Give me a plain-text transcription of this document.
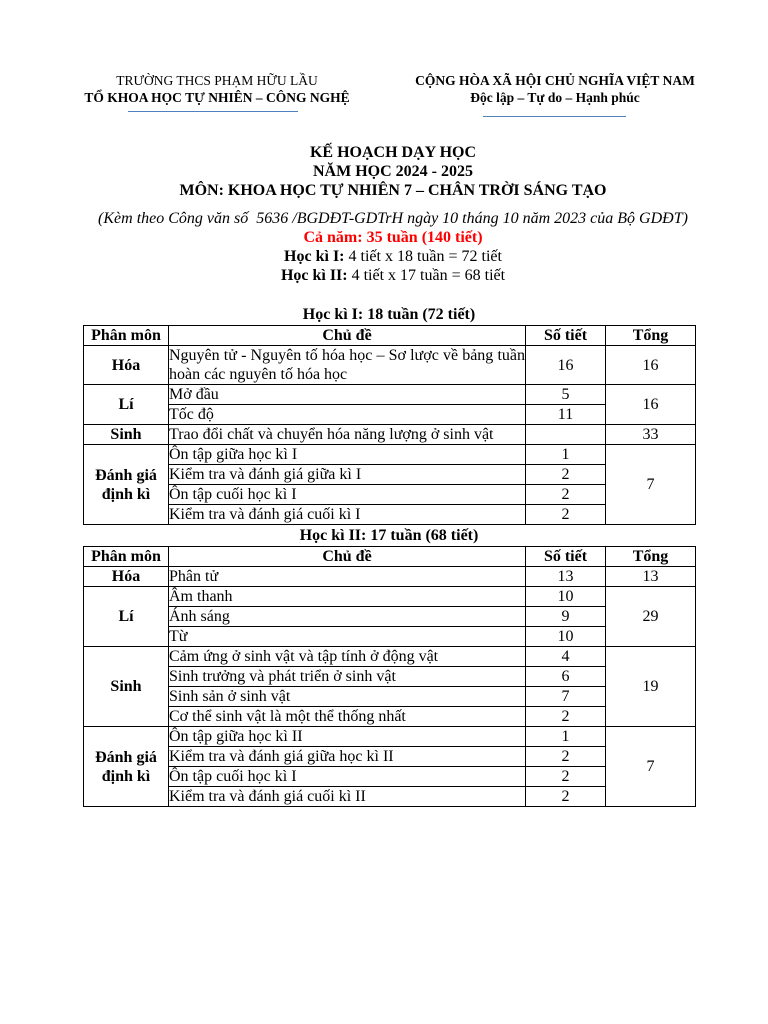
TRƯỜNG THCS PHẠM HỮU LẦU
TỔ KHOA HỌC TỰ NHIÊN – CÔNG NGHỆ
CỘNG HÒA XÃ HỘI CHỦ NGHĨA VIỆT NAM
Độc lập – Tự do – Hạnh phúc
KẾ HOẠCH DẠY HỌC
NĂM HỌC 2024 - 2025
MÔN: KHOA HỌC TỰ NHIÊN 7 – CHÂN TRỜI SÁNG TẠO
(Kèm theo Công văn số  5636 /BGDĐT-GDTrH ngày 10 tháng 10 năm 2023 của Bộ GDĐT)
Cả năm: 35 tuần (140 tiết)
Học kì I: 4 tiết x 18 tuần = 72 tiết
Học kì II: 4 tiết x 17 tuần = 68 tiết
Học kì I: 18 tuần (72 tiết)
Phân môn	Chủ đề	Số tiết	Tổng
Hóa	Nguyên tử - Nguyên tố hóa học – Sơ lược về bảng tuần hoàn các nguyên tố hóa học	16	16
Lí	Mở đầu	5	16
	Tốc độ	11	
Sinh	Trao đổi chất và chuyển hóa năng lượng ở sinh vật		33
Đánh giá định kì	Ôn tập giữa học kì I	1	7
	Kiểm tra và đánh giá giữa kì I	2	
	Ôn tập cuối học kì I	2	
	Kiểm tra và đánh giá cuối kì I	2	
Học kì II: 17 tuần (68 tiết)
Phân môn	Chủ đề	Số tiết	Tổng
Hóa	Phân tử	13	13
Lí	Âm thanh	10	29
	Ánh sáng	9	
	Từ	10	
Sinh	Cảm ứng ở sinh vật và tập tính ở động vật	4	19
	Sinh trưởng và phát triển ở sinh vật	6	
	Sinh sản ở sinh vật	7	
	Cơ thể sinh vật là một thể thống nhất	2	
Đánh giá định kì	Ôn tập giữa học kì II	1	7
	Kiểm tra và đánh giá giữa học kì II	2	
	Ôn tập cuối học kì I	2	
	Kiểm tra và đánh giá cuối kì II	2	
